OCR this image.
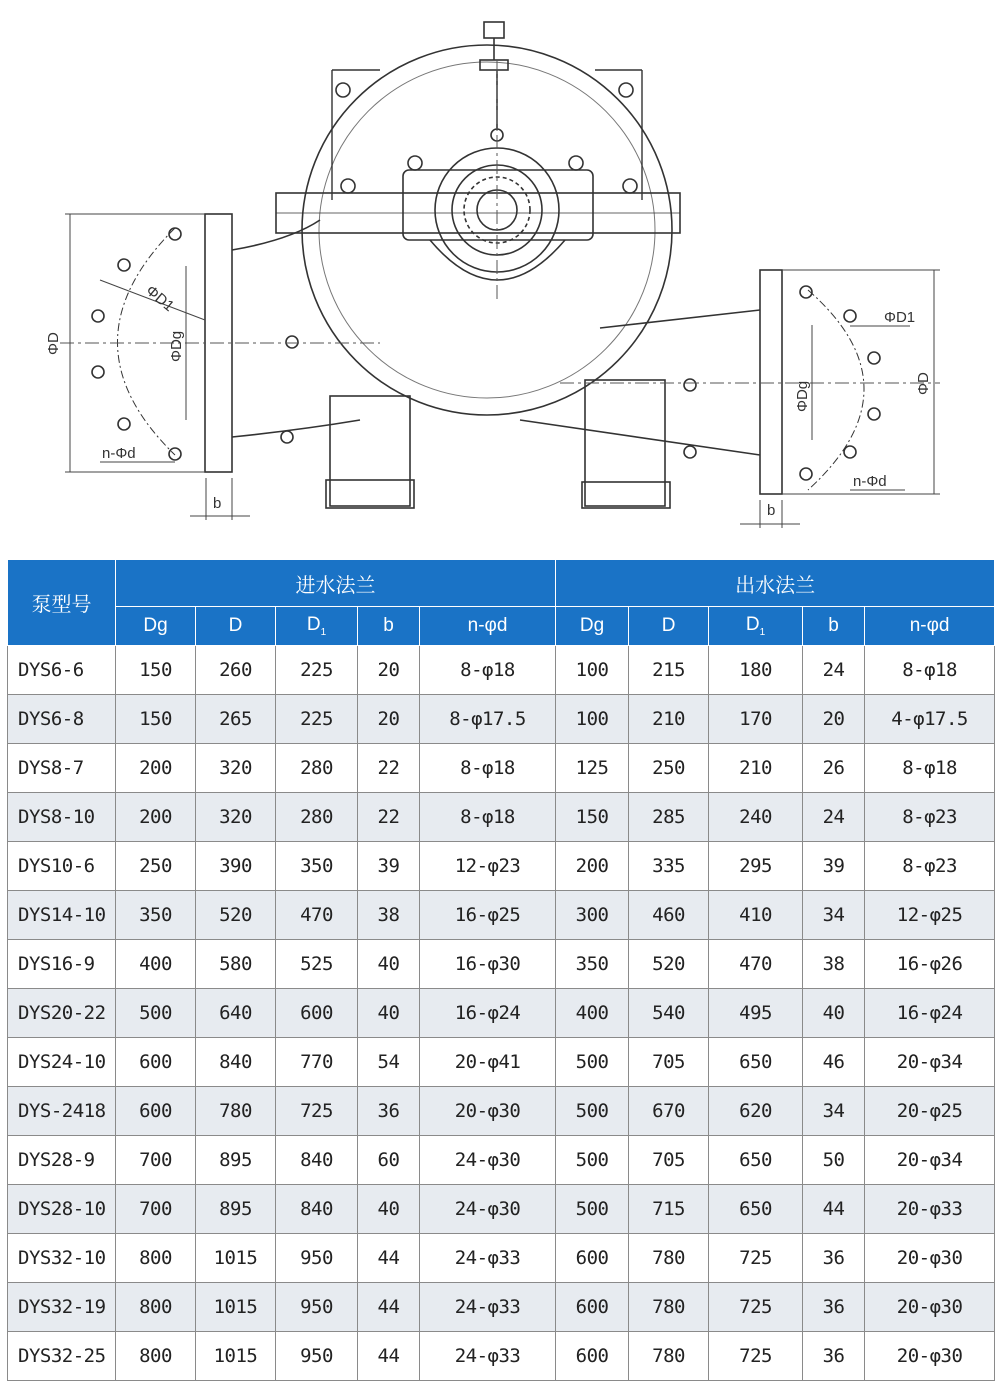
ΦD
ΦD1
ΦDg
n-Φd
b
ΦD1
ΦD
ΦDg
n-Φd
b
泵型号	进水法兰					出水法兰				
	Dg	D	$D_1$	b	n-φd	Dg	D	$D_1$	b	n-φd
DYS6-6	150	260	225	20	8-φ18	100	215	180	24	8-φ18
DYS6-8	150	265	225	20	8-φ17.5	100	210	170	20	4-φ17.5
DYS8-7	200	320	280	22	8-φ18	125	250	210	26	8-φ18
DYS8-10	200	320	280	22	8-φ18	150	285	240	24	8-φ23
DYS10-6	250	390	350	39	12-φ23	200	335	295	39	8-φ23
DYS14-10	350	520	470	38	16-φ25	300	460	410	34	12-φ25
DYS16-9	400	580	525	40	16-φ30	350	520	470	38	16-φ26
DYS20-22	500	640	600	40	16-φ24	400	540	495	40	16-φ24
DYS24-10	600	840	770	54	20-φ41	500	705	650	46	20-φ34
DYS-2418	600	780	725	36	20-φ30	500	670	620	34	20-φ25
DYS28-9	700	895	840	60	24-φ30	500	705	650	50	20-φ34
DYS28-10	700	895	840	40	24-φ30	500	715	650	44	20-φ33
DYS32-10	800	1015	950	44	24-φ33	600	780	725	36	20-φ30
DYS32-19	800	1015	950	44	24-φ33	600	780	725	36	20-φ30
DYS32-25	800	1015	950	44	24-φ33	600	780	725	36	20-φ30
